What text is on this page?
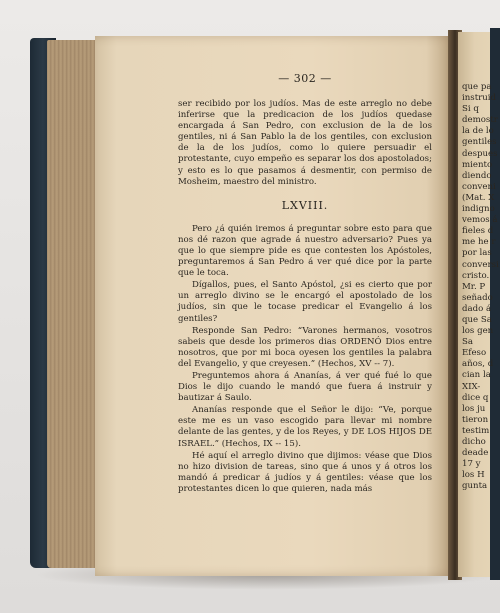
— 302 —

ser recibido por los judíos. Mas de este arreglo no debe inferirse que la predicacion de los judíos quedase encargada á San Pedro, con exclusion de la de los gentiles, ni á San Pablo la de los gentiles, con exclusion de la de los judíos, como lo quiere persuadir el protestante, cuyo empeño es separar los dos apostolados; y esto es lo que pasamos á desmentir, con permiso de Mosheim, maestro del ministro.

LXVIII.

Pero ¿á quién iremos á preguntar sobre esto para que nos dé razon que agrade á nuestro adversario? Pues ya que lo que siempre pide es que contesten los Apóstoles, preguntaremos á San Pedro á ver qué dice por la parte que le toca.

Dígallos, pues, el Santo Apóstol, ¿si es cierto que por un arreglo divino se le encargó el apostolado de los judíos, sin que le tocase predicar el Evangelio á los gentiles?

Responde San Pedro: “Varones hermanos, vosotros sabeis que desde los primeros dias ORDENÓ Dios entre nosotros, que por mi boca oyesen los gentiles la palabra del Evangelio, y que creyesen.” (Hechos, XV -- 7).

Preguntemos ahora á Ananías, á ver qué fué lo que Dios le dijo cuando le mandó que fuera á instruir y bautizar á Saulo.

Ananías responde que el Señor le dijo: “Ve, porque este me es un vaso escogido para llevar mi nombre delante de las gentes, y de los Reyes, y DE LOS HIJOS DE ISRAEL.” (Hechos, IX -- 15).

Hé aquí el arreglo divino que dijimos: véase que Dios no hizo division de tareas, sino que á unos y á otros los mandó á predicar á judíos y á gentiles: véase que los protestantes dicen lo que quieren, nada más

que pa
instruid
Si q
demostr
la de lo
gentiles
despues
miento
diendo
conveni
(Mat. X
indigno
vemos á
fieles d
me he r
por las
conversi
cristo.
Mr. P
señado
dado á
que Sa
los gen
Sa
Efeso
años, d
cian la
XIX-
dice q
los ju
tieron
testim
dicho
deade
17 y
los H
gunta
